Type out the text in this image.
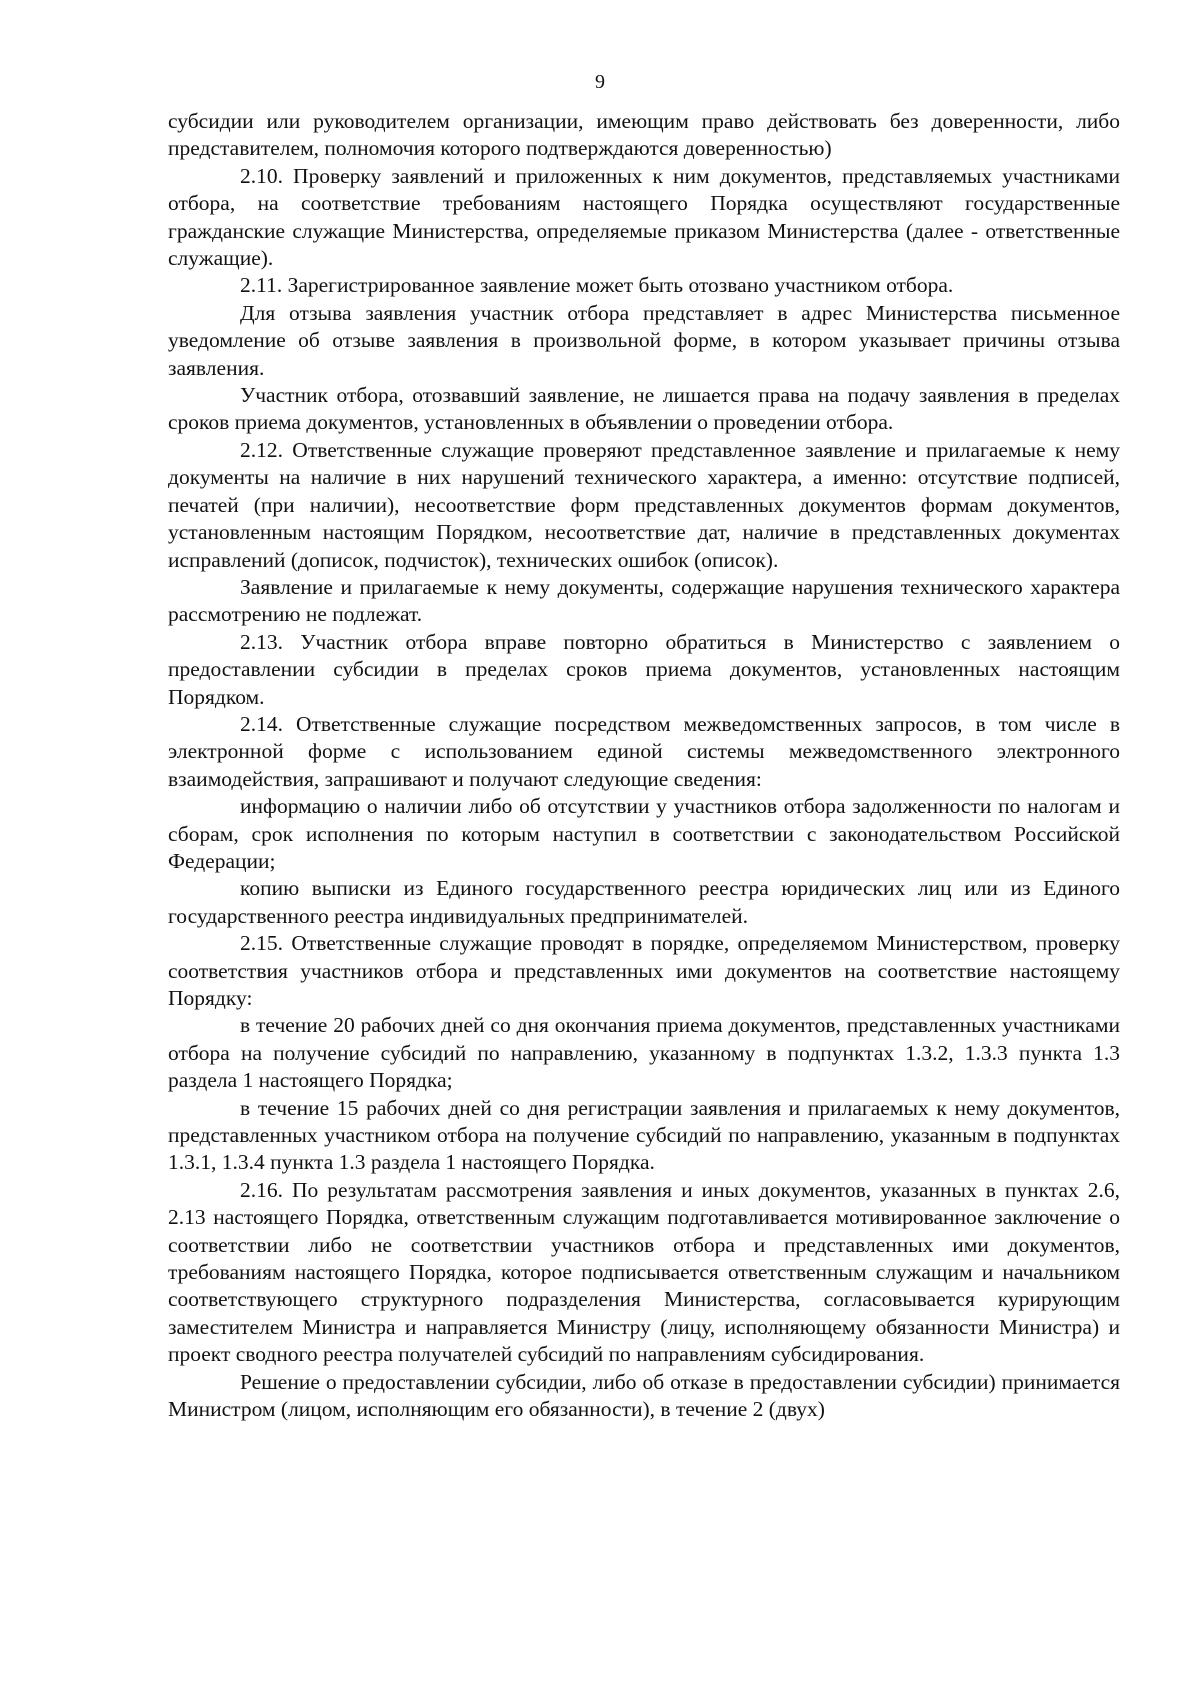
9

субсидии или руководителем организации, имеющим право действовать без доверенности, либо представителем, полномочия которого подтверждаются доверенностью)

2.10. Проверку заявлений и приложенных к ним документов, представляемых участниками отбора, на соответствие требованиям настоящего Порядка осуществляют государственные гражданские служащие Министерства, определяемые приказом Министерства (далее - ответственные служащие).

2.11. Зарегистрированное заявление может быть отозвано участником отбора.

Для отзыва заявления участник отбора представляет в адрес Министерства письменное уведомление об отзыве заявления в произвольной форме, в котором указывает причины отзыва заявления.

Участник отбора, отозвавший заявление, не лишается права на подачу заявления в пределах сроков приема документов, установленных в объявлении о проведении отбора.

2.12. Ответственные служащие проверяют представленное заявление и прилагаемые к нему документы на наличие в них нарушений технического характера, а именно: отсутствие подписей, печатей (при наличии), несоответствие форм представленных документов формам документов, установленным настоящим Порядком, несоответствие дат, наличие в представленных документах исправлений (дописок, подчисток), технических ошибок (описок).

Заявление и прилагаемые к нему документы, содержащие нарушения технического характера рассмотрению не подлежат.

2.13. Участник отбора вправе повторно обратиться в Министерство с заявлением о предоставлении субсидии в пределах сроков приема документов, установленных настоящим Порядком.

2.14. Ответственные служащие посредством межведомственных запросов, в том числе в электронной форме с использованием единой системы межведомственного электронного взаимодействия, запрашивают и получают следующие сведения:

информацию о наличии либо об отсутствии у участников отбора задолженности по налогам и сборам, срок исполнения по которым наступил в соответствии с законодательством Российской Федерации;

копию выписки из Единого государственного реестра юридических лиц или из Единого государственного реестра индивидуальных предпринимателей.

2.15. Ответственные служащие проводят в порядке, определяемом Министерством, проверку соответствия участников отбора и представленных ими документов на соответствие настоящему Порядку:

в течение 20 рабочих дней со дня окончания приема документов, представленных участниками отбора на получение субсидий по направлению, указанному в подпунктах 1.3.2, 1.3.3 пункта 1.3 раздела 1 настоящего Порядка;

в течение 15 рабочих дней со дня регистрации заявления и прилагаемых к нему документов, представленных участником отбора на получение субсидий по направлению, указанным в подпунктах 1.3.1, 1.3.4 пункта 1.3 раздела 1 настоящего Порядка.

2.16. По результатам рассмотрения заявления и иных документов, указанных в пунктах 2.6, 2.13 настоящего Порядка, ответственным служащим подготавливается мотивированное заключение о соответствии либо не соответствии участников отбора и представленных ими документов, требованиям настоящего Порядка, которое подписывается ответственным служащим и начальником соответствующего структурного подразделения Министерства, согласовывается курирующим заместителем Министра и направляется Министру (лицу, исполняющему обязанности Министра) и проект сводного реестра получателей субсидий по направлениям субсидирования.

Решение о предоставлении субсидии, либо об отказе в предоставлении субсидии) принимается Министром (лицом, исполняющим его обязанности), в течение 2 (двух)
